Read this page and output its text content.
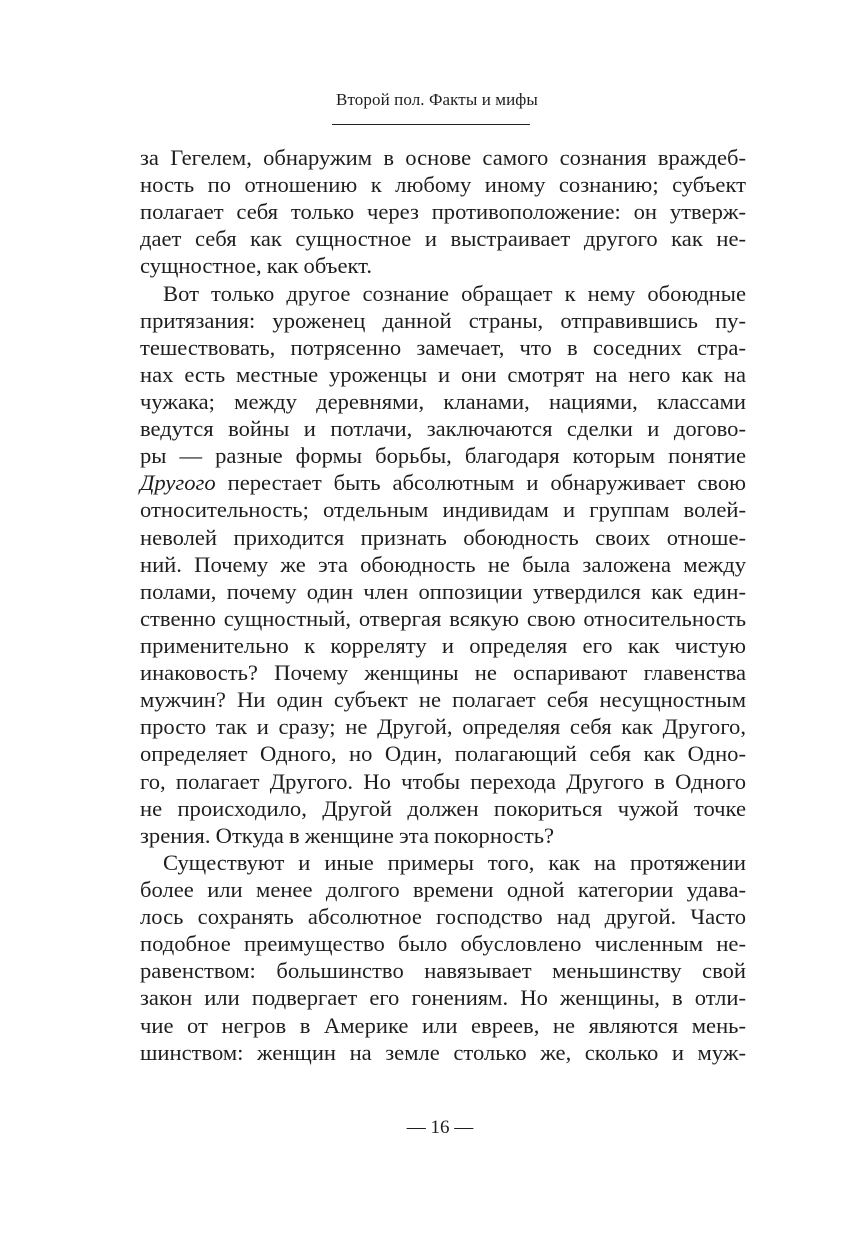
Второй пол. Факты и мифы
за Гегелем, обнаружим в основе самого сознания враждеб-
ность по отношению к любому иному сознанию; субъект
полагает себя только через противоположение: он утверж-
дает себя как сущностное и выстраивает другого как не-
сущностное, как объект.
Вот только другое сознание обращает к нему обоюдные
притязания: уроженец данной страны, отправившись пу-
тешествовать, потрясенно замечает, что в соседних стра-
нах есть местные уроженцы и они смотрят на него как на
чужака; между деревнями, кланами, нациями, классами
ведутся войны и потлачи, заключаются сделки и догово-
ры — разные формы борьбы, благодаря которым понятие
Другого перестает быть абсолютным и обнаруживает свою
относительность; отдельным индивидам и группам волей-
неволей приходится признать обоюдность своих отноше-
ний. Почему же эта обоюдность не была заложена между
полами, почему один член оппозиции утвердился как един-
ственно сущностный, отвергая всякую свою относительность
применительно к корреляту и определяя его как чистую
инаковость? Почему женщины не оспаривают главенства
мужчин? Ни один субъект не полагает себя несущностным
просто так и сразу; не Другой, определяя себя как Другого,
определяет Одного, но Один, полагающий себя как Одно-
го, полагает Другого. Но чтобы перехода Другого в Одного
не происходило, Другой должен покориться чужой точке
зрения. Откуда в женщине эта покорность?
Существуют и иные примеры того, как на протяжении
более или менее долгого времени одной категории удава-
лось сохранять абсолютное господство над другой. Часто
подобное преимущество было обусловлено численным не-
равенством: большинство навязывает меньшинству свой
закон или подвергает его гонениям. Но женщины, в отли-
чие от негров в Америке или евреев, не являются мень-
шинством: женщин на земле столько же, сколько и муж-
— 16 —
